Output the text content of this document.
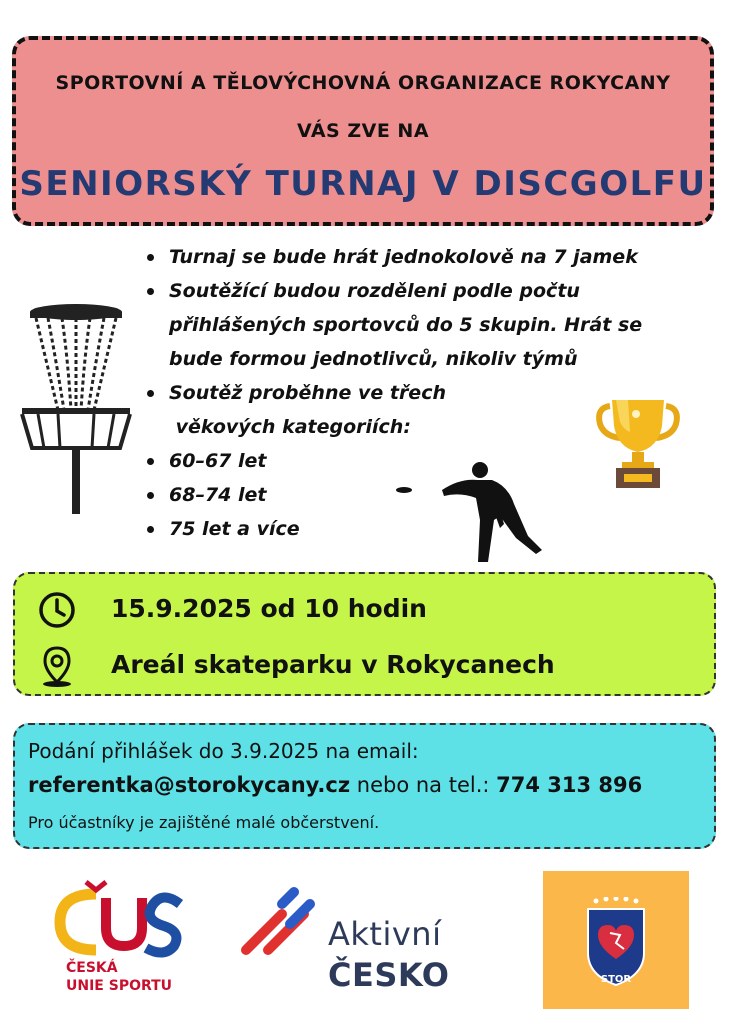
SPORTOVNÍ A TĚLOVÝCHOVNÁ ORGANIZACE ROKYCANY
VÁS ZVE NA
SENIORSKÝ TURNAJ V DISCGOLFU
Turnaj se bude hrát jednokolově na 7 jamek
Soutěžící budou rozděleni podle počtu
přihlášených sportovců do 5 skupin. Hrát se
bude formou jednotlivců, nikoliv týmů
Soutěž proběhne ve třech
věkových kategoriích:
60–67 let
68–74 let
75 let a více
15.9.2025 od 10 hodin
Areál skateparku v Rokycanech
Podání přihlášek do 3.9.2025 na email:
referentka@storokycany.cz nebo na tel.: 774 313 896
Pro účastníky je zajištěné malé občerstvení.
ČESKÁ
UNIE SPORTU
Aktivní
ČESKO	STOR
